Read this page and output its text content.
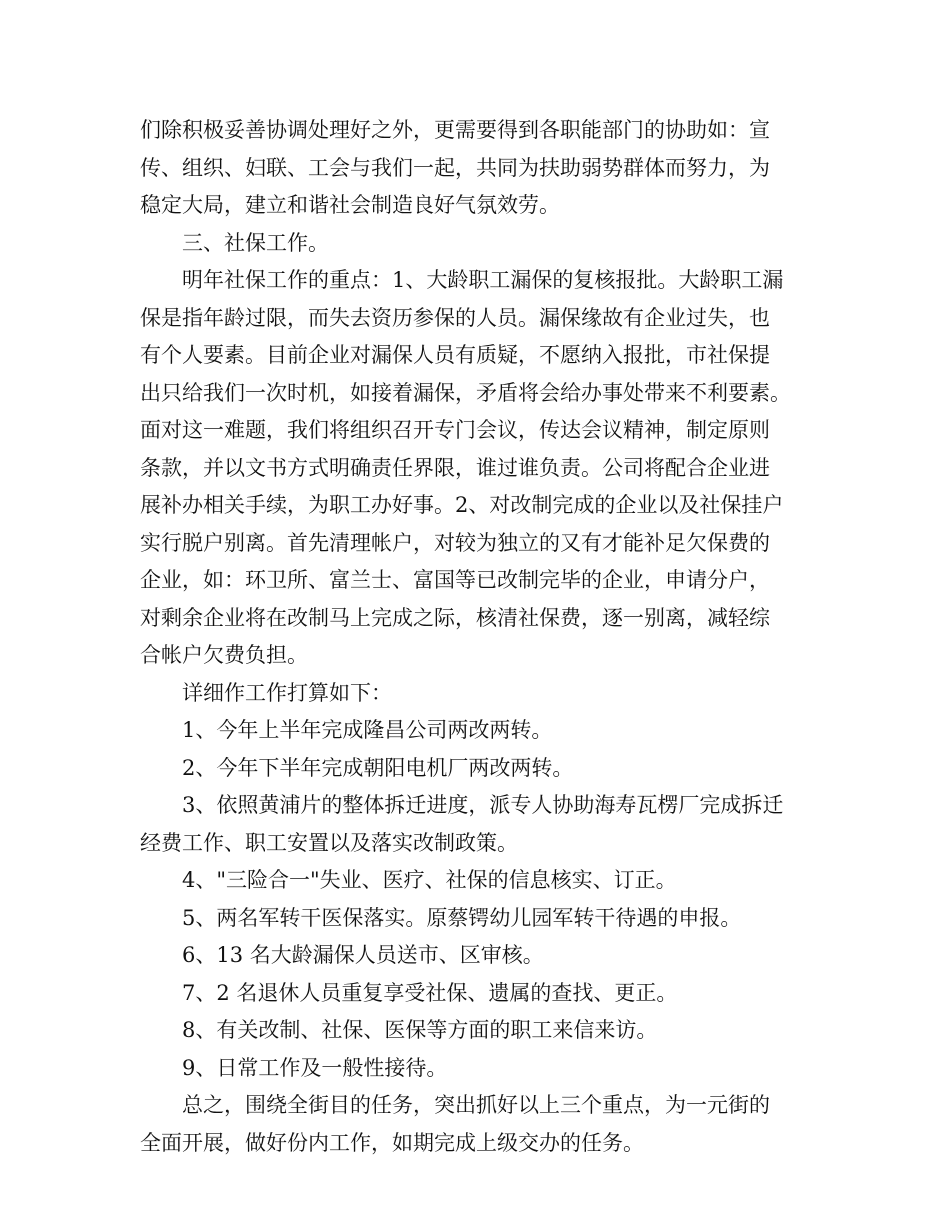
们除积极妥善协调处理好之外，更需要得到各职能部门的协助如：宣
传、组织、妇联、工会与我们一起，共同为扶助弱势群体而努力，为
稳定大局，建立和谐社会制造良好气氛效劳。

三、社保工作。

明年社保工作的重点：1、大龄职工漏保的复核报批。大龄职工漏
保是指年龄过限，而失去资历参保的人员。漏保缘故有企业过失，也
有个人要素。目前企业对漏保人员有质疑，不愿纳入报批，市社保提
出只给我们一次时机，如接着漏保，矛盾将会给办事处带来不利要素。
面对这一难题，我们将组织召开专门会议，传达会议精神，制定原则
条款，并以文书方式明确责任界限，谁过谁负责。公司将配合企业进
展补办相关手续，为职工办好事。2、对改制完成的企业以及社保挂户
实行脱户别离。首先清理帐户，对较为独立的又有才能补足欠保费的
企业，如：环卫所、富兰士、富国等已改制完毕的企业，申请分户，
对剩余企业将在改制马上完成之际，核清社保费，逐一别离，减轻综
合帐户欠费负担。

详细作工作打算如下：

1、今年上半年完成隆昌公司两改两转。

2、今年下半年完成朝阳电机厂两改两转。

3、依照黄浦片的整体拆迁进度，派专人协助海寿瓦楞厂完成拆迁
经费工作、职工安置以及落实改制政策。

4、"三险合一"失业、医疗、社保的信息核实、订正。

5、两名军转干医保落实。原蔡锷幼儿园军转干待遇的申报。

6、13 名大龄漏保人员送市、区审核。

7、2 名退休人员重复享受社保、遗属的查找、更正。

8、有关改制、社保、医保等方面的职工来信来访。

9、日常工作及一般性接待。

总之，围绕全街目的任务，突出抓好以上三个重点，为一元街的
全面开展，做好份内工作，如期完成上级交办的任务。
